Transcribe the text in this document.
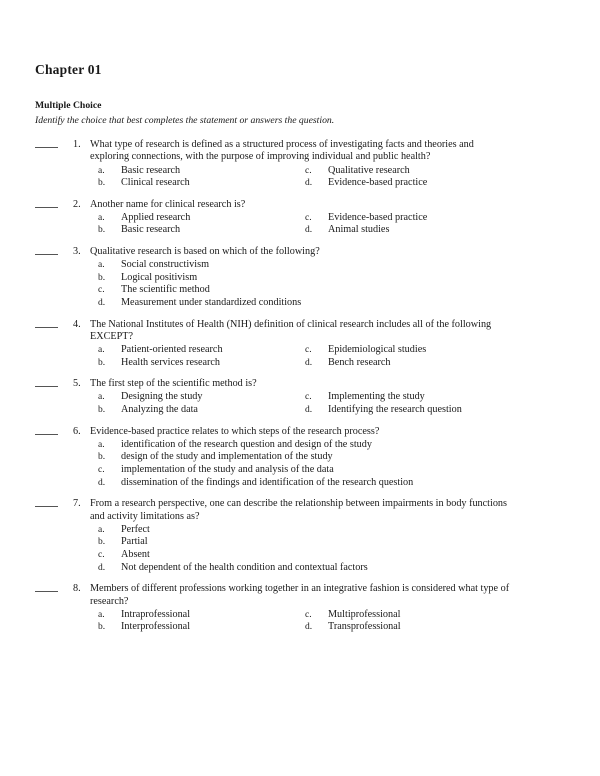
Chapter 01
Multiple Choice
Identify the choice that best completes the statement or answers the question.
1. What type of research is defined as a structured process of investigating facts and theories and exploring connections, with the purpose of improving individual and public health?
a. Basic research	c. Qualitative research
b. Clinical research	d. Evidence-based practice
2. Another name for clinical research is?
a. Applied research	c. Evidence-based practice
b. Basic research	d. Animal studies
3. Qualitative research is based on which of the following?
a. Social constructivism
b. Logical positivism
c. The scientific method
d. Measurement under standardized conditions
4. The National Institutes of Health (NIH) definition of clinical research includes all of the following EXCEPT?
a. Patient-oriented research	c. Epidemiological studies
b. Health services research	d. Bench research
5. The first step of the scientific method is?
a. Designing the study	c. Implementing the study
b. Analyzing the data	d. Identifying the research question
6. Evidence-based practice relates to which steps of the research process?
a. identification of the research question and design of the study
b. design of the study and implementation of the study
c. implementation of the study and analysis of the data
d. dissemination of the findings and identification of the research question
7. From a research perspective, one can describe the relationship between impairments in body functions and activity limitations as?
a. Perfect
b. Partial
c. Absent
d. Not dependent of the health condition and contextual factors
8. Members of different professions working together in an integrative fashion is considered what type of research?
a. Intraprofessional	c. Multiprofessional
b. Interprofessional	d. Transprofessional
